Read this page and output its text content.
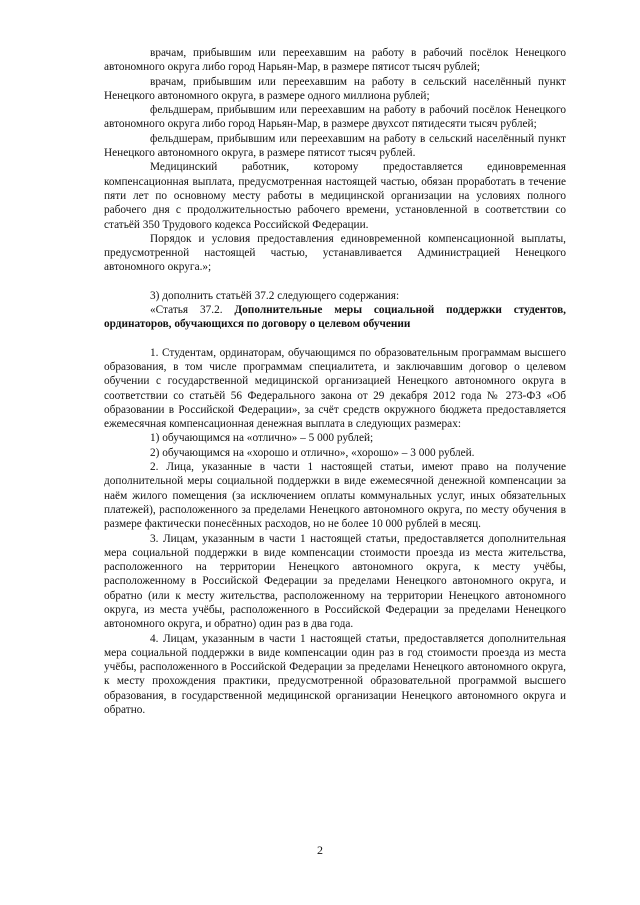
врачам, прибывшим или переехавшим на работу в рабочий посёлок Ненецкого автономного округа либо город Нарьян-Мар, в размере пятисот тысяч рублей;

врачам, прибывшим или переехавшим на работу в сельский населённый пункт Ненецкого автономного округа, в размере одного миллиона рублей;

фельдшерам, прибывшим или переехавшим на работу в рабочий посёлок Ненецкого автономного округа либо город Нарьян-Мар, в размере двухсот пятидесяти тысяч рублей;

фельдшерам, прибывшим или переехавшим на работу в сельский населённый пункт Ненецкого автономного округа, в размере пятисот тысяч рублей.

Медицинский работник, которому предоставляется единовременная компенсационная выплата, предусмотренная настоящей частью, обязан проработать в течение пяти лет по основному месту работы в медицинской организации на условиях полного рабочего дня с продолжительностью рабочего времени, установленной в соответствии со статьёй 350 Трудового кодекса Российской Федерации.

Порядок и условия предоставления единовременной компенсационной выплаты, предусмотренной настоящей частью, устанавливается Администрацией Ненецкого автономного округа.»;

3) дополнить статьёй 37.2 следующего содержания:

«Статья 37.2. Дополнительные меры социальной поддержки студентов, ординаторов, обучающихся по договору о целевом обучении

1. Студентам, ординаторам, обучающимся по образовательным программам высшего образования, в том числе программам специалитета, и заключавшим договор о целевом обучении с государственной медицинской организацией Ненецкого автономного округа в соответствии со статьёй 56 Федерального закона от 29 декабря 2012 года № 273-ФЗ «Об образовании в Российской Федерации», за счёт средств окружного бюджета предоставляется ежемесячная компенсационная денежная выплата в следующих размерах:

1) обучающимся на «отлично» – 5 000 рублей;

2) обучающимся на «хорошо и отлично», «хорошо» – 3 000 рублей.

2. Лица, указанные в части 1 настоящей статьи, имеют право на получение дополнительной меры социальной поддержки в виде ежемесячной денежной компенсации за наём жилого помещения (за исключением оплаты коммунальных услуг, иных обязательных платежей), расположенного за пределами Ненецкого автономного округа, по месту обучения в размере фактически понесённых расходов, но не более 10 000 рублей в месяц.

3. Лицам, указанным в части 1 настоящей статьи, предоставляется дополнительная мера социальной поддержки в виде компенсации стоимости проезда из места жительства, расположенного на территории Ненецкого автономного округа, к месту учёбы, расположенному в Российской Федерации за пределами Ненецкого автономного округа, и обратно (или к месту жительства, расположенному на территории Ненецкого автономного округа, из места учёбы, расположенного в Российской Федерации за пределами Ненецкого автономного округа, и обратно) один раз в два года.

4. Лицам, указанным в части 1 настоящей статьи, предоставляется дополнительная мера социальной поддержки в виде компенсации один раз в год стоимости проезда из места учёбы, расположенного в Российской Федерации за пределами Ненецкого автономного округа, к месту прохождения практики, предусмотренной образовательной программой высшего образования, в государственной медицинской организации Ненецкого автономного округа и обратно.

2
